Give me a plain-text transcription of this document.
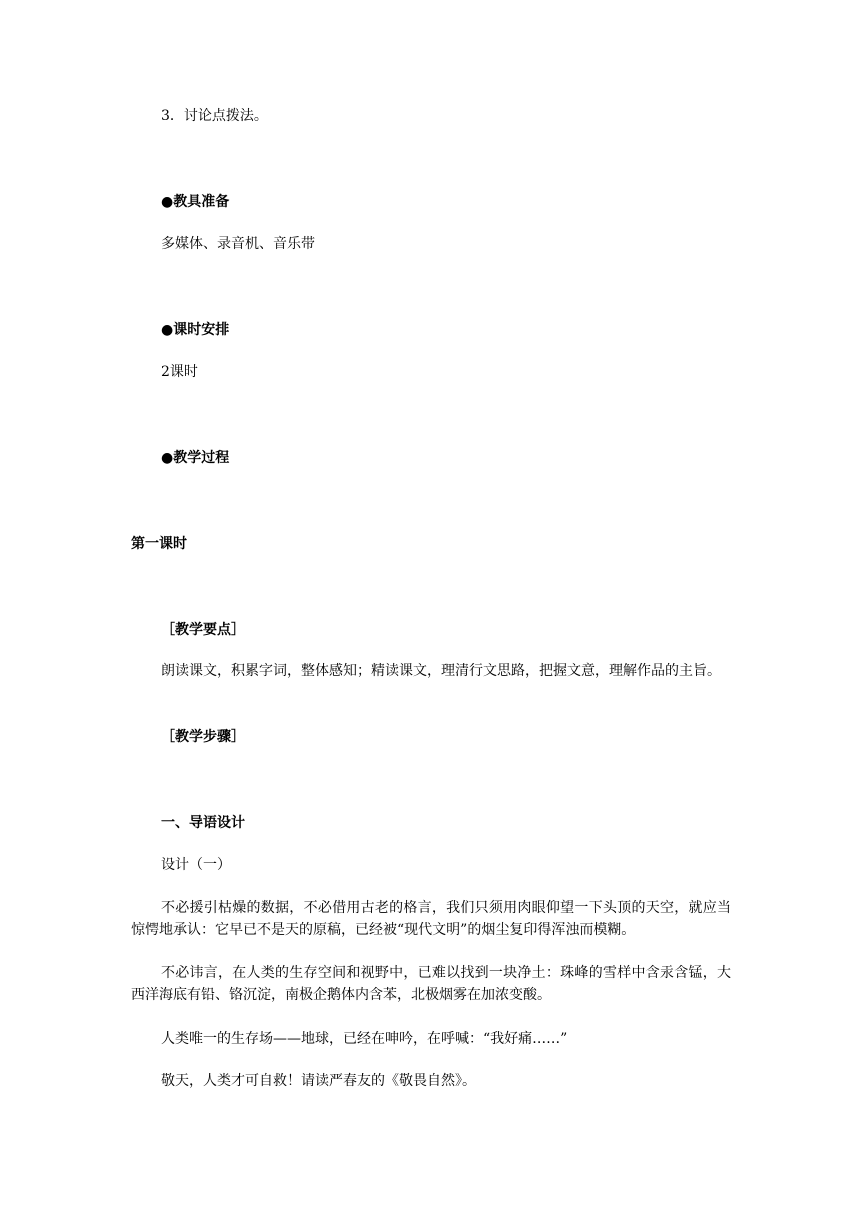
3．讨论点拨法。
●教具准备
多媒体、录音机、音乐带
●课时安排
2课时
●教学过程
第一课时
［教学要点］
朗读课文，积累字词，整体感知；精读课文，理清行文思路，把握文意，理解作品的主旨。
［教学步骤］
一、导语设计
设计（一）
不必援引枯燥的数据，不必借用古老的格言，我们只须用肉眼仰望一下头顶的天空，就应当惊愕地承认：它早已不是天的原稿，已经被“现代文明”的烟尘复印得浑浊而模糊。
不必讳言，在人类的生存空间和视野中，已难以找到一块净土：珠峰的雪样中含汞含锰，大西洋海底有铅、铬沉淀，南极企鹅体内含苯，北极烟雾在加浓变酸。
人类唯一的生存场——地球，已经在呻吟，在呼喊：“我好痛……”
敬天，人类才可自救！请读严春友的《敬畏自然》。
